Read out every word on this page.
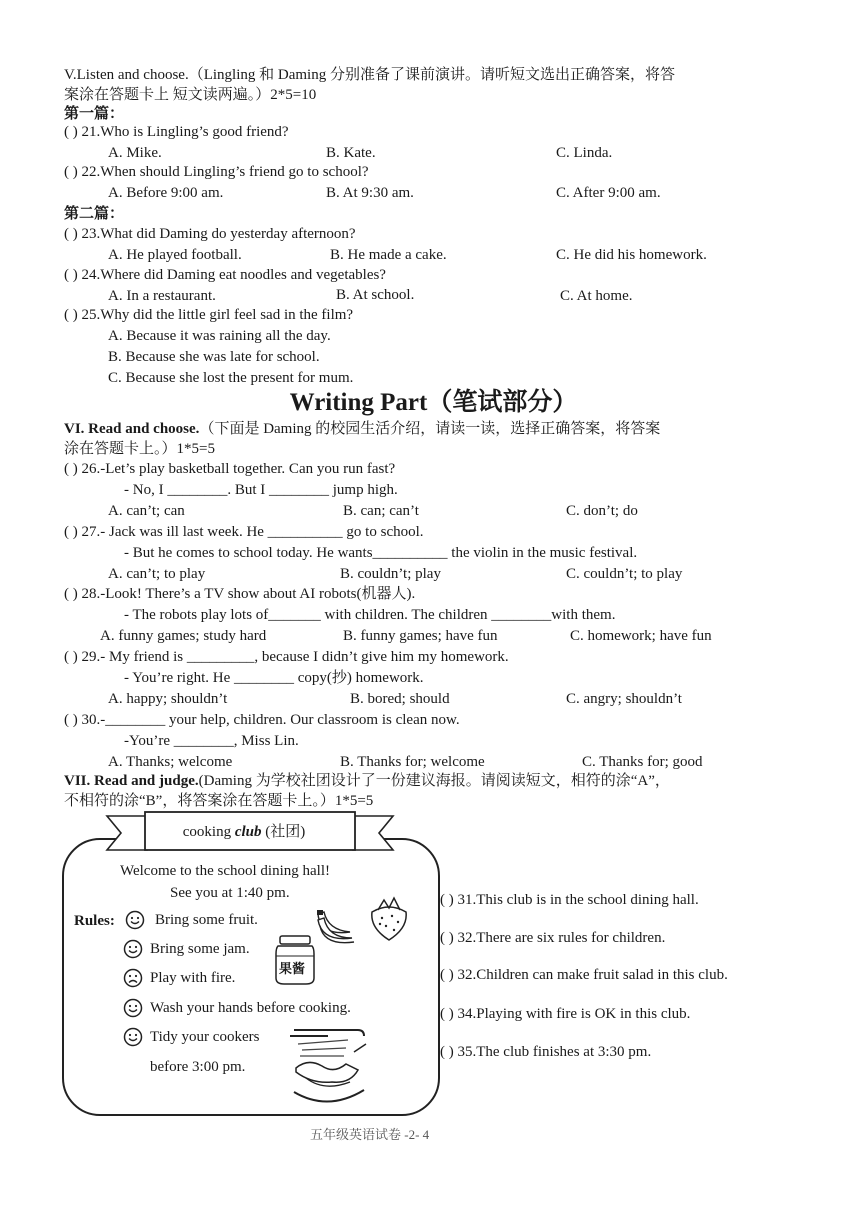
V.Listen and choose.（Lingling 和 Daming 分别准备了课前演讲。请听短文选出正确答案，将答
案涂在答题卡上 短文读两遍。）2*5=10
第一篇：
( ) 21.Who is Lingling’s good friend?
A. Mike.	B. Kate.	C. Linda.
( ) 22.When should Lingling’s friend go to school?
A. Before 9:00 am.	B. At 9:30 am.	C. After 9:00 am.
第二篇：
( ) 23.What did Daming do yesterday afternoon?
A. He played football.	B. He made a cake.	C. He did his homework.
( ) 24.Where did Daming eat noodles and vegetables?
A. In a restaurant.	B. At school.	C. At home.
( ) 25.Why did the little girl feel sad in the film?
A. Because it was raining all the day.
B. Because she was late for school.
C. Because she lost the present for mum.
Writing Part（笔试部分）
VI. Read and choose.（下面是 Daming 的校园生活介绍，请读一读，选择正确答案，将答案
涂在答题卡上。）1*5=5
( ) 26.-Let’s play basketball together. Can you run fast?
- No, I ________. But I ________ jump high.
A. can’t; can	B. can; can’t	C. don’t; do
( ) 27.- Jack was ill last week. He __________ go to school.
- But he comes to school today. He wants__________ the violin in the music festival.
A. can’t; to play	B. couldn’t; play	C. couldn’t; to play
( ) 28.-Look! There’s a TV show about AI robots(机器人).
- The robots play lots of_______ with children. The children ________with them.
A. funny games; study hard	B. funny games; have fun	C. homework; have fun
( ) 29.- My friend is _________, because I didn’t give him my homework.
- You’re right. He ________ copy(抄) homework.
A. happy; shouldn’t	B. bored; should	C. angry; shouldn’t
( ) 30.-________ your help, children. Our classroom is clean now.
-You’re ________, Miss Lin.
A. Thanks; welcome	B. Thanks for; welcome	C. Thanks for; good
VII. Read and judge.(Daming 为学校社团设计了一份建议海报。请阅读短文，相符的涂“A”，
不相符的涂“B”，将答案涂在答题卡上。）1*5=5
cooking club (社团)
Welcome to the school dining hall!
See you at 1:40 pm.
Rules:	Bring some fruit.
Bring some jam.
Play with fire.
Wash your hands before cooking.
Tidy your cookers
before 3:00 pm.
果酱
( ) 31.This club is in the school dining hall.
( ) 32.There are six rules for children.
( ) 32.Children can make fruit salad in this club.
( ) 34.Playing with fire is OK in this club.
( ) 35.The club finishes at 3:30 pm.
五年级英语试卷 -2- 4
